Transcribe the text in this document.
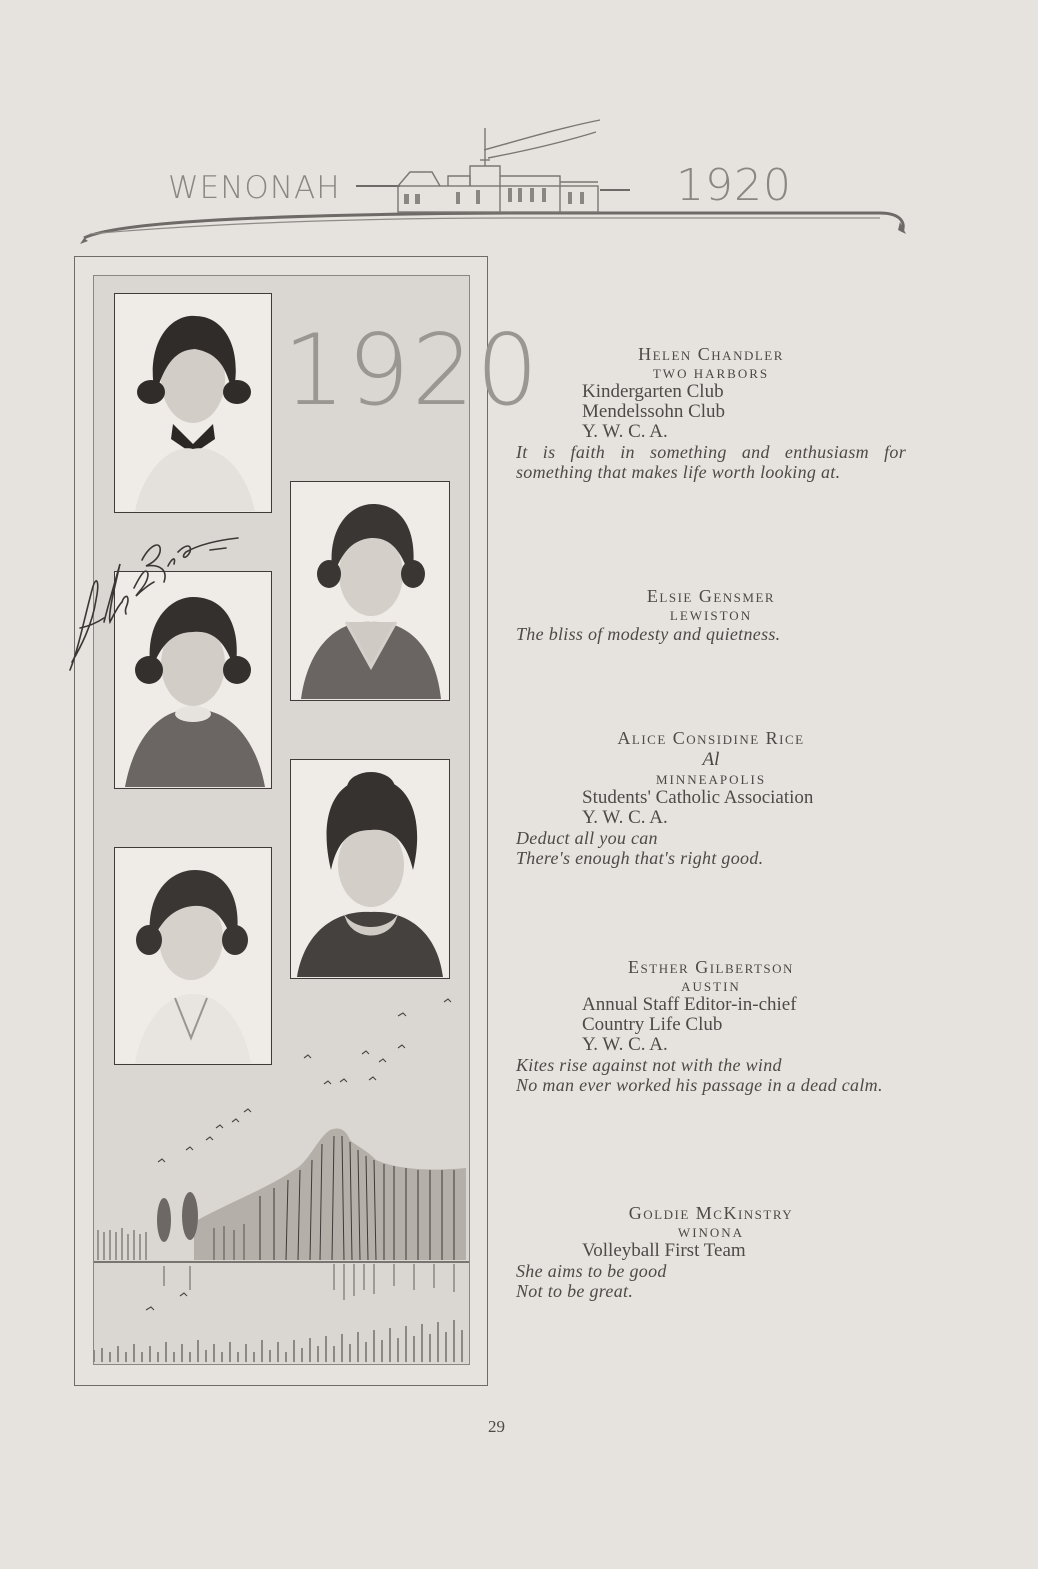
WENONAH	1920
1920	Helen Chandler
TWO HARBORS
Kindergarten Club
Mendelssohn Club
Y. W. C. A.
It is faith in something and enthusiasm for something that makes life worth looking at.
Elsie Gensmer
LEWISTON
The bliss of modesty and quietness.
Alice Considine Rice
Al
MINNEAPOLIS
Students' Catholic Association
Y. W. C. A.
Deduct all you can
There's enough that's right good.
Esther Gilbertson
AUSTIN
Annual Staff Editor-in-chief
Country Life Club
Y. W. C. A.
Kites rise against not with the wind
No man ever worked his passage in a dead calm.
Goldie McKinstry
WINONA
Volleyball First Team
She aims to be good
Not to be great.
29
